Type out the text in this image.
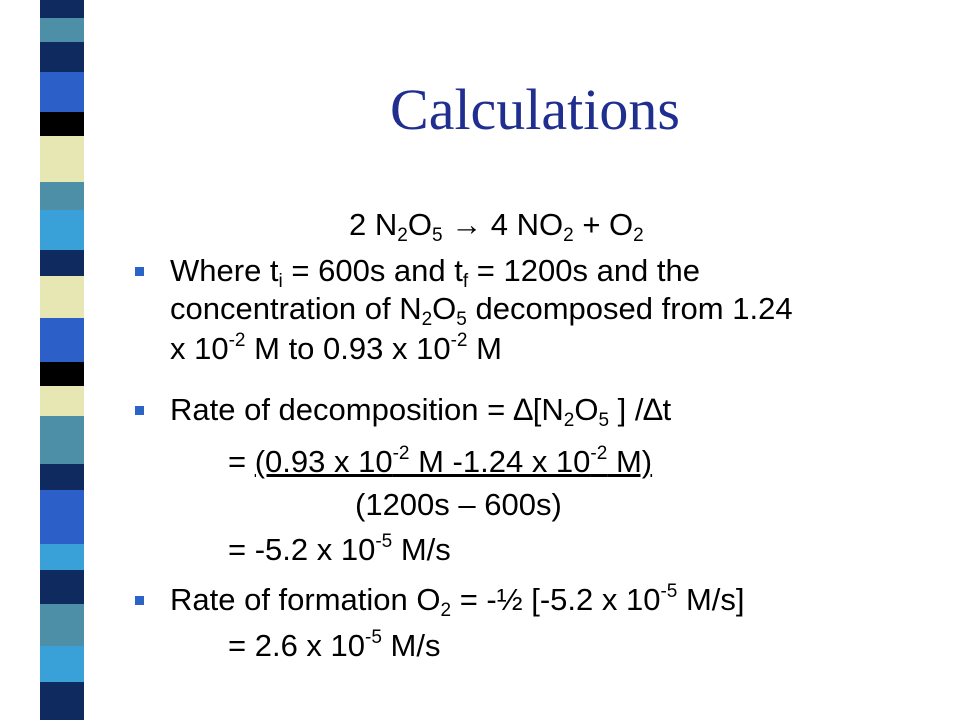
Calculations
2 $N_2O_5 \to 4$ $NO_2 + O_2$
Where $t_i = 600s$ and $t_f = 1200s$ and the
concentration of $N_2O_5$ decomposed from 1.24
x $10^{-2}$ M to 0.93 x $10^{-2}$ M
Rate of decomposition = $\Delta[N_2O_5$ ] /∆t
= (0.93 x $10^{-2}$ M -1.24 x $10^{-2}$ M)
(1200s – 600s)
= -5.2 x $10^{-5}$ M/s
Rate of formation $O_2$ = -½ [-5.2 x $10^{-5}$ M/s]
= 2.6 x $10^{-5}$ M/s
